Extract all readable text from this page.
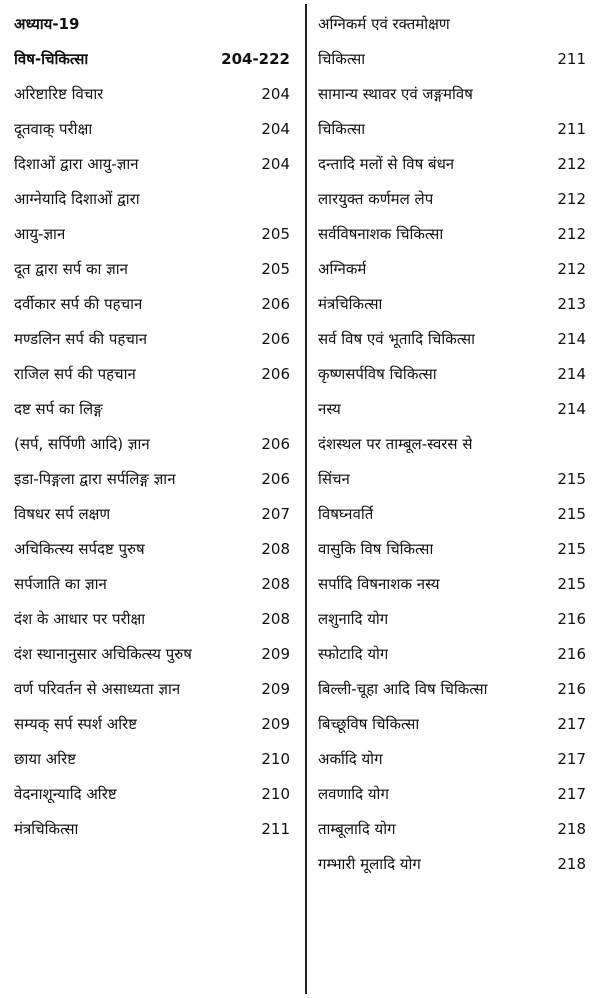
अध्याय-19
विष-चिकित्सा	204-222
अरिष्टारिष्ट विचार	204
दूतवाक् परीक्षा	204
दिशाओं द्वारा आयु-ज्ञान	204
आग्नेयादि दिशाओं द्वारा
आयु-ज्ञान	205
दूत द्वारा सर्प का ज्ञान	205
दर्वीकार सर्प की पहचान	206
मण्डलिन सर्प की पहचान	206
राजिल सर्प की पहचान	206
दष्ट सर्प का लिङ्ग
(सर्प, सर्पिणी आदि) ज्ञान	206
इडा-पिङ्गला द्वारा सर्पलिङ्ग ज्ञान	206
विषधर सर्प लक्षण	207
अचिकित्स्य सर्पदष्ट पुरुष	208
सर्पजाति का ज्ञान	208
दंश के आधार पर परीक्षा	208
दंश स्थानानुसार अचिकित्स्य पुरुष	209
वर्ण परिवर्तन से असाध्यता ज्ञान	209
सम्यक् सर्प स्पर्श अरिष्ट	209
छाया अरिष्ट	210
वेदनाशून्यादि अरिष्ट	210
मंत्रचिकित्सा	211
अग्निकर्म एवं रक्तमोक्षण
चिकित्सा	211
सामान्य स्थावर एवं जङ्गमविष
चिकित्सा	211
दन्तादि मलों से विष बंधन	212
लारयुक्त कर्णमल लेप	212
सर्वविषनाशक चिकित्सा	212
अग्निकर्म	212
मंत्रचिकित्सा	213
सर्व विष एवं भूतादि चिकित्सा	214
कृष्णसर्पविष चिकित्सा	214
नस्य	214
दंशस्थल पर ताम्बूल-स्वरस से
सिंचन	215
विषघ्नवर्ति	215
वासुकि विष चिकित्सा	215
सर्पादि विषनाशक नस्य	215
लशुनादि योग	216
स्फोटादि योग	216
बिल्ली-चूहा आदि विष चिकित्सा	216
बिच्छूविष चिकित्सा	217
अर्कादि योग	217
लवणादि योग	217
ताम्बूलादि योग	218
गम्भारी मूलादि योग	218
